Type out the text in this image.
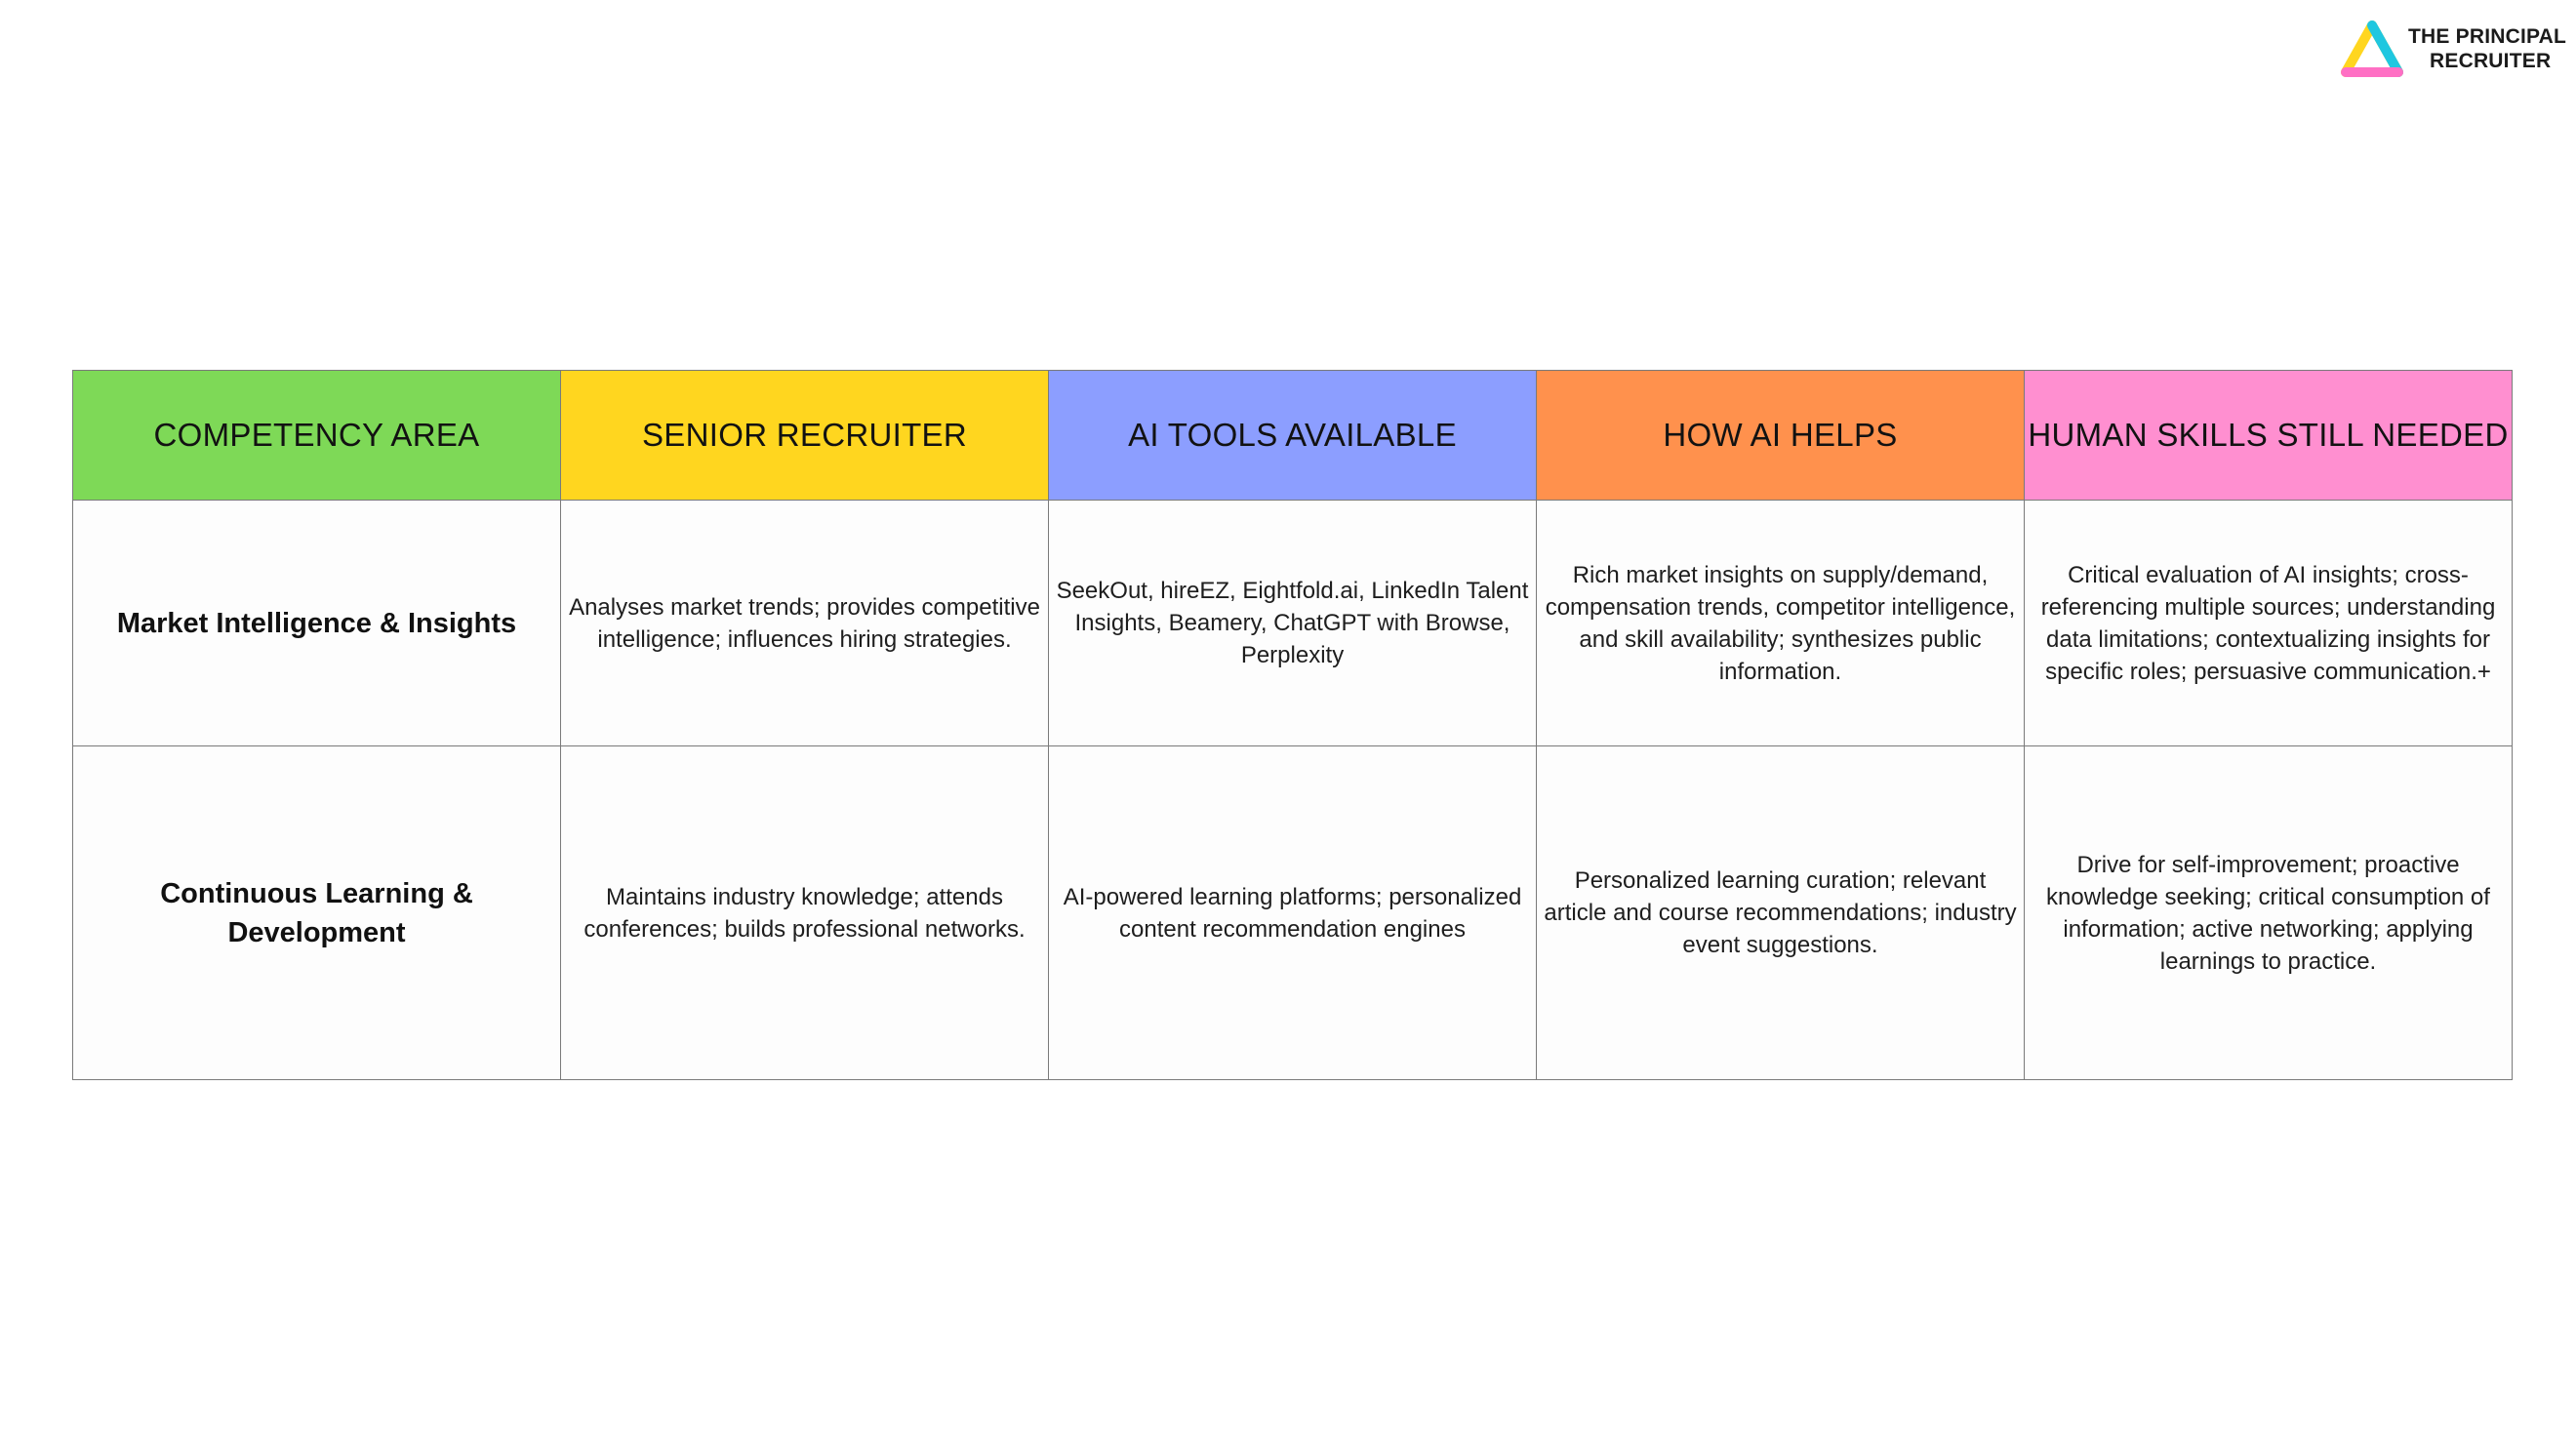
THE PRINCIPAL
RECRUITER
COMPETENCY AREA	SENIOR RECRUITER	AI TOOLS AVAILABLE	HOW AI HELPS	HUMAN SKILLS STILL NEEDED
Market Intelligence & Insights	Analyses market trends; provides competitive intelligence; influences hiring strategies.	SeekOut, hireEZ, Eightfold.ai, LinkedIn Talent Insights, Beamery, ChatGPT with Browse, Perplexity	Rich market insights on supply/demand, compensation trends, competitor intelligence, and skill availability; synthesizes public information.	Critical evaluation of AI insights; cross-referencing multiple sources; understanding data limitations; contextualizing insights for specific roles; persuasive communication.+
Continuous Learning & Development	Maintains industry knowledge; attends conferences; builds professional networks.	AI-powered learning platforms; personalized content recommendation engines	Personalized learning curation; relevant article and course recommendations; industry event suggestions.	Drive for self-improvement; proactive knowledge seeking; critical consumption of information; active networking; applying learnings to practice.
